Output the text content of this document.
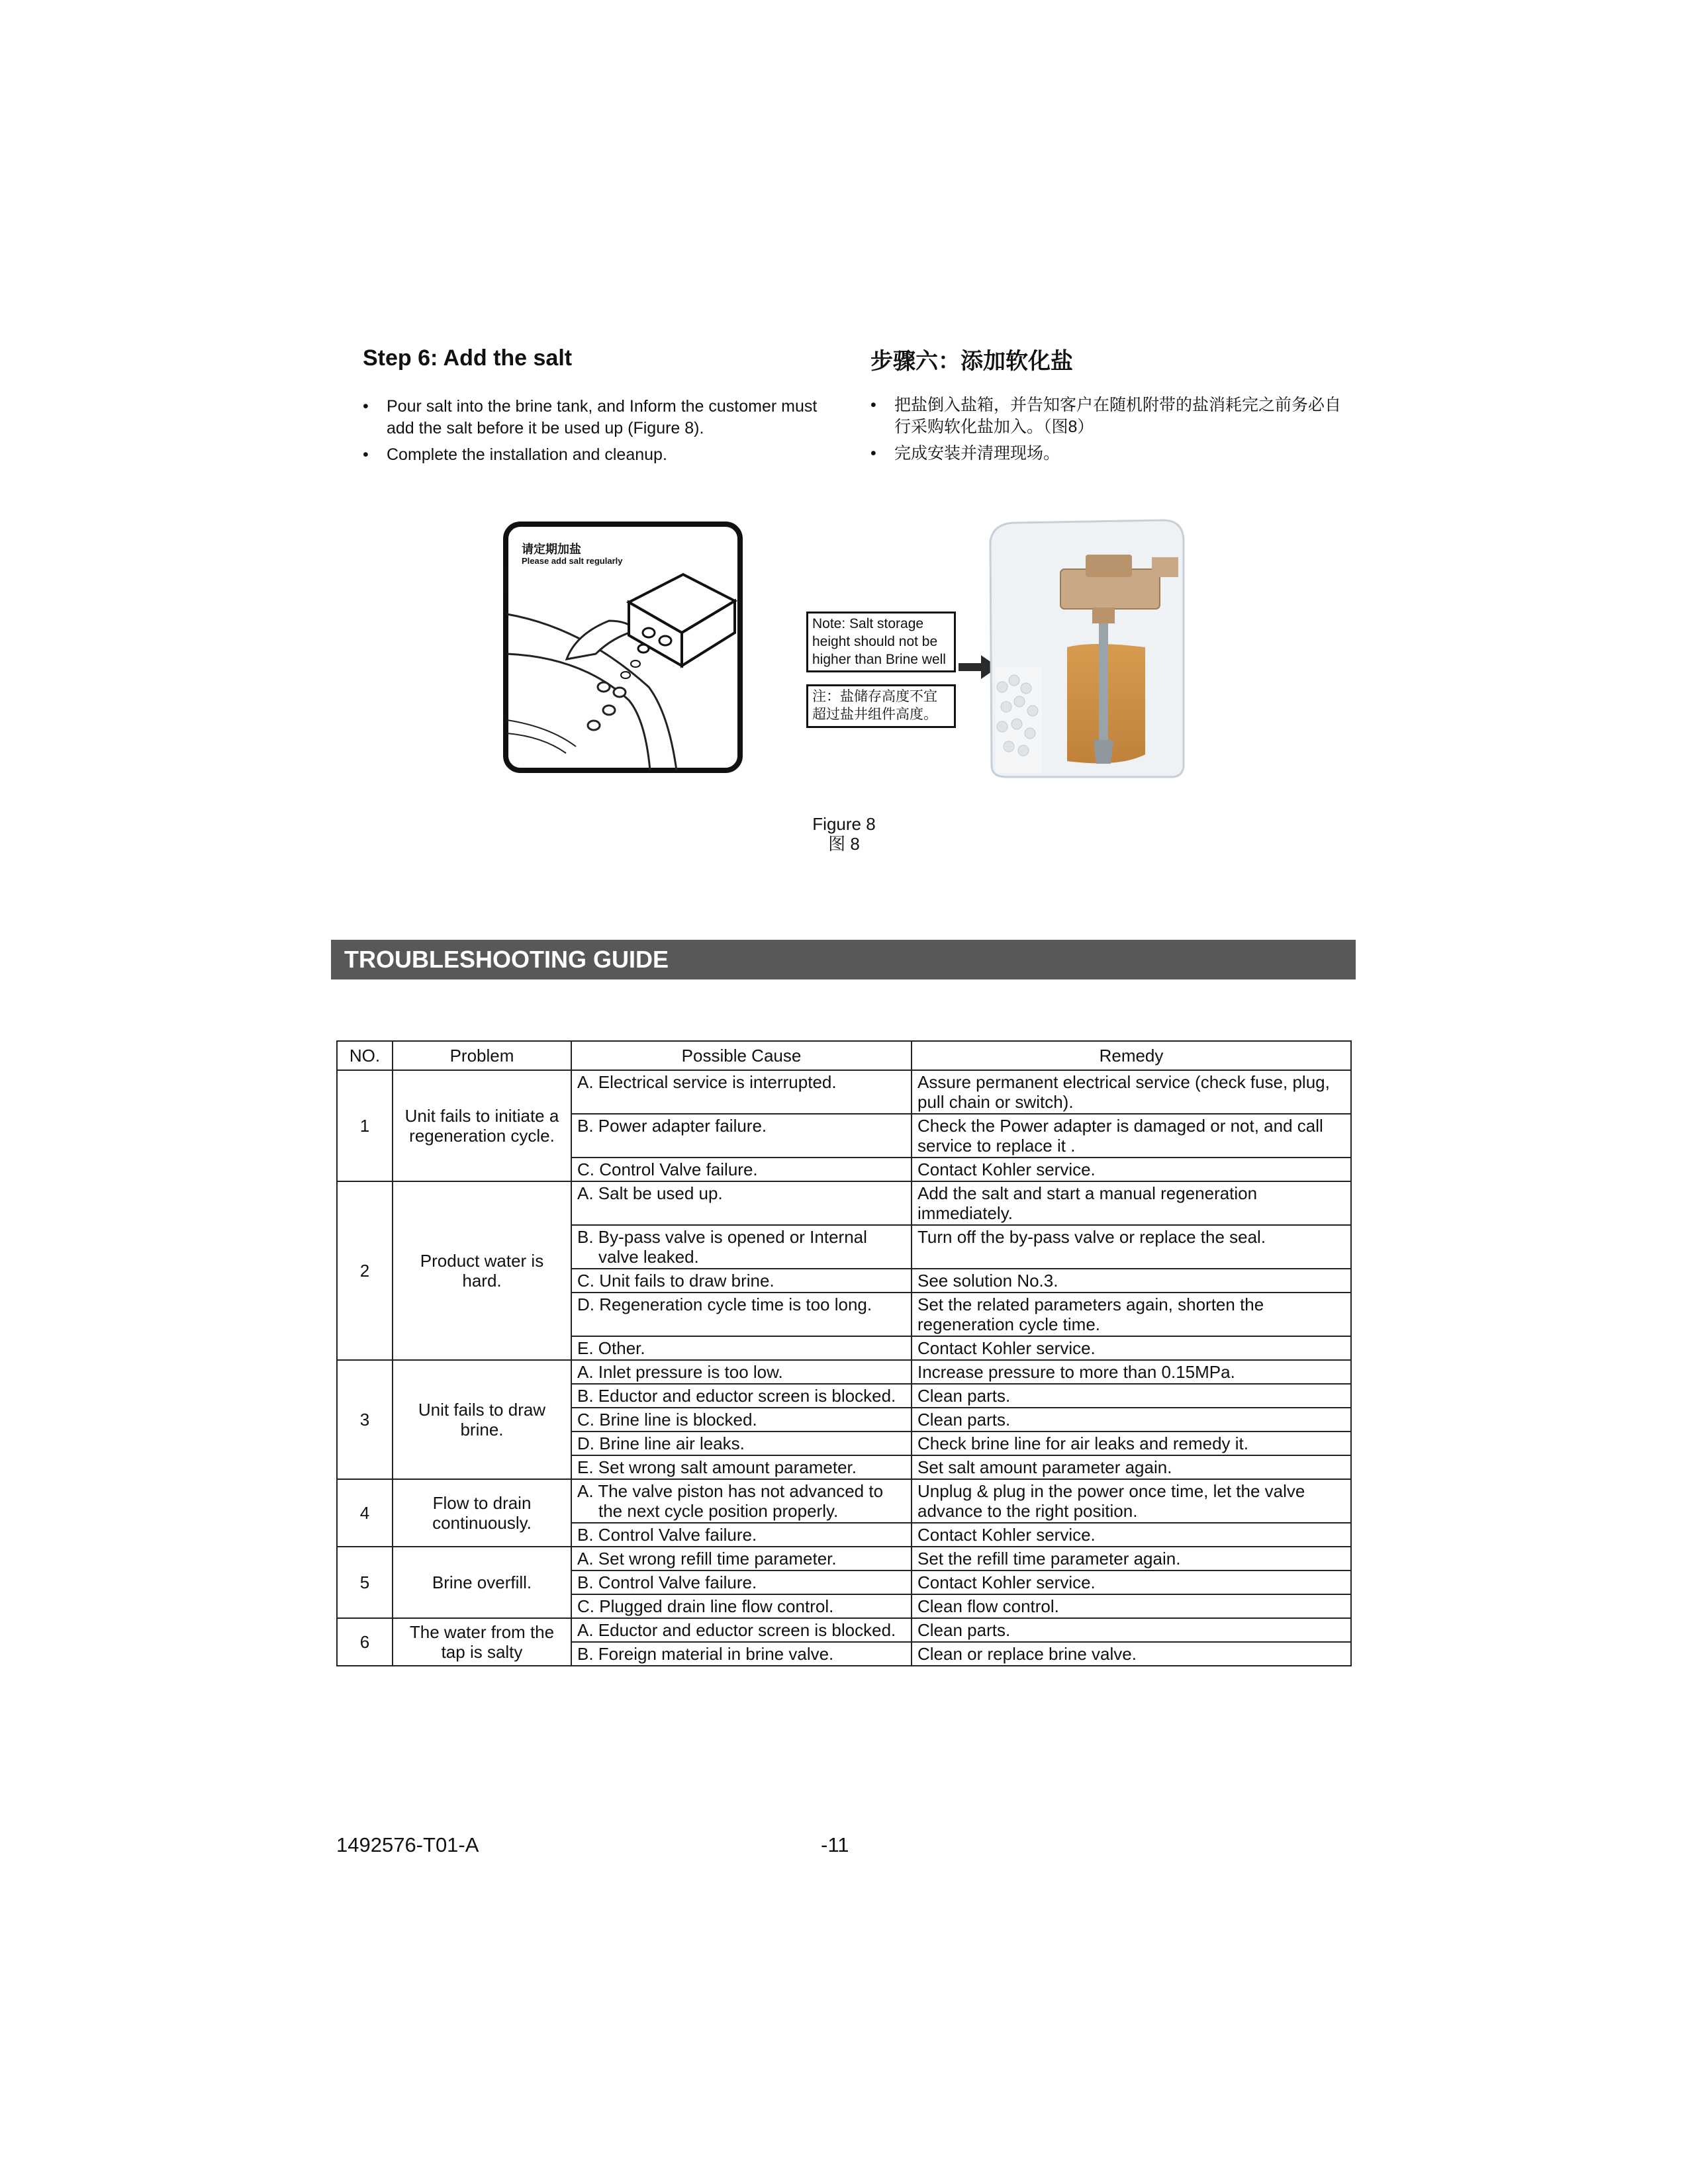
Step 6: Add the salt
• Pour salt into the brine tank, and Inform the customer must add the salt before it be used up (Figure 8).
• Complete the installation and cleanup.
步骤六：添加软化盐
• 把盐倒入盐箱，并告知客户在随机附带的盐消耗完之前务必自行采购软化盐加入。（图8）
• 完成安装并清理现场。
请定期加盐
Please add salt regularly
Note: Salt storage height should not be higher than Brine well
注：盐储存高度不宜超过盐井组件高度。
Figure 8
图 8
TROUBLESHOOTING GUIDE
NO.	Problem	Possible Cause	Remedy
1	Unit fails to initiate a regeneration cycle.	A. Electrical service is interrupted.	Assure permanent electrical service (check fuse, plug, pull chain or switch).
		B. Power adapter failure.	Check the Power adapter is damaged or not, and call service to replace it .
		C. Control Valve failure.	Contact Kohler service.
2	Product water is hard.	A. Salt be used up.	Add the salt and start a manual regeneration immediately.
		B. By-pass valve is opened or Internal valve leaked.	Turn off the by-pass valve or replace the seal.
		C. Unit fails to draw brine.	See solution No.3.
		D. Regeneration cycle time is too long.	Set the related parameters again, shorten the regeneration cycle time.
		E. Other.	Contact Kohler service.
3	Unit fails to draw brine.	A. Inlet pressure is too low.	Increase pressure to more than 0.15MPa.
		B. Eductor and eductor screen is blocked.	Clean parts.
		C. Brine line is blocked.	Clean parts.
		D. Brine line air leaks.	Check brine line for air leaks and remedy it.
		E. Set wrong salt amount parameter.	Set salt amount parameter again.
4	Flow to drain continuously.	A. The valve piston has not advanced to the next cycle position properly.	Unplug & plug in the power once time, let the valve advance to the right position.
		B. Control Valve failure.	Contact Kohler service.
5	Brine overfill.	A. Set wrong refill time parameter.	Set the refill time parameter again.
		B. Control Valve failure.	Contact Kohler service.
		C. Plugged drain line flow control.	Clean flow control.
6	The water from the tap is salty	A. Eductor and eductor screen is blocked.	Clean parts.
		B. Foreign material in brine valve.	Clean or replace brine valve.
1492576-T01-A	-11
